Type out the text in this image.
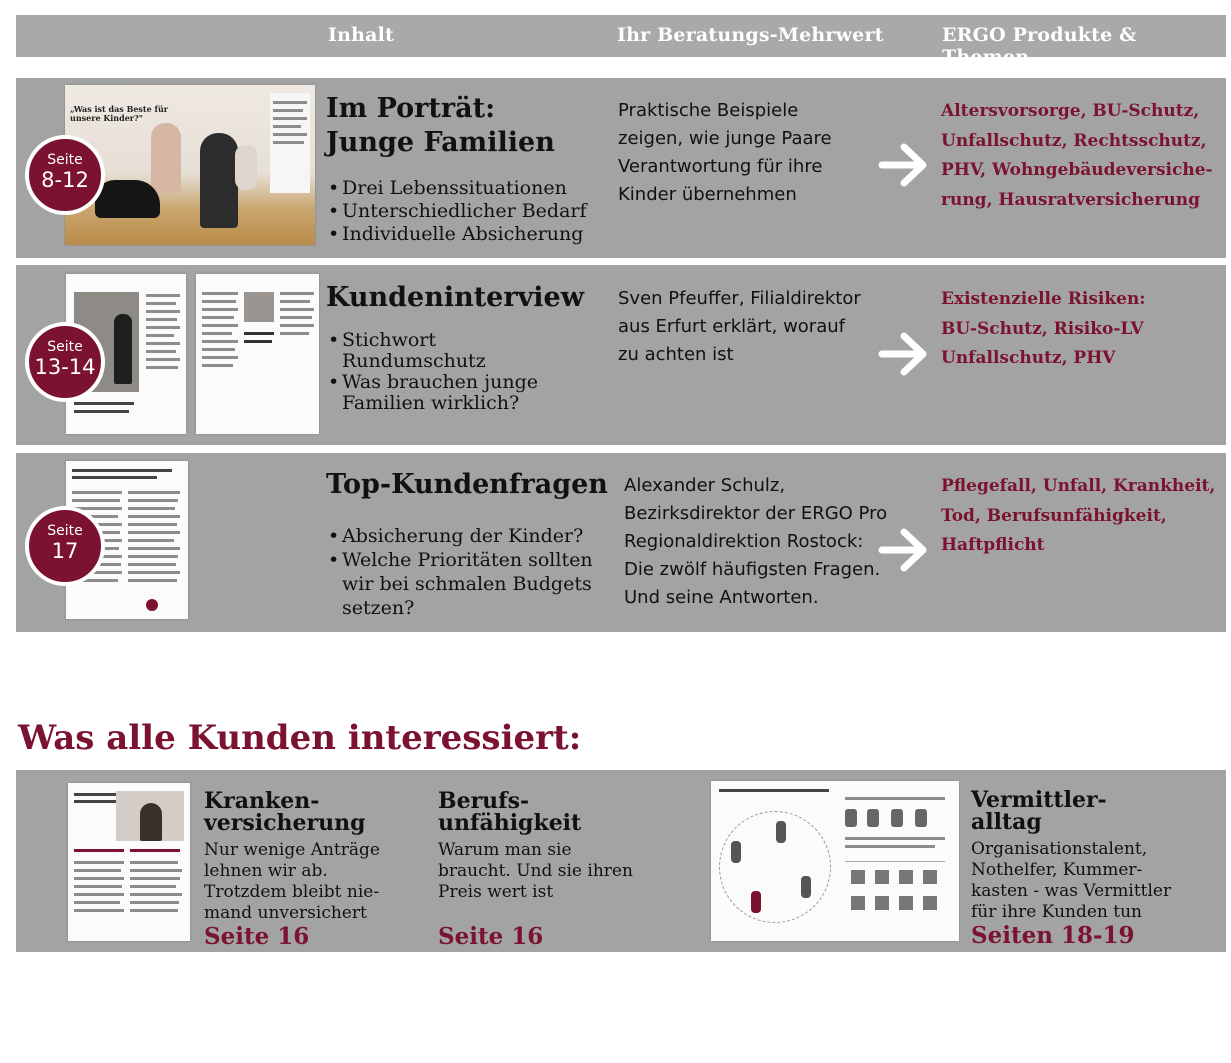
Inhalt	Ihr Beratungs-Mehrwert	ERGO Produkte & Themen
„Was ist das Beste für unsere Kinder?"
Seite
8-12
Im Porträt:
Junge Familien
• Drei Lebenssituationen
• Unterschiedlicher Bedarf
• Individuelle Absicherung
Praktische Beispiele
zeigen, wie junge Paare
Verantwortung für ihre
Kinder übernehmen
Altersvorsorge, BU-Schutz,
Unfallschutz, Rechtsschutz,
PHV, Wohngebäudeversiche-
rung, Hausratversicherung
Seite
13-14
Kundeninterview
• Stichwort Rundumschutz
• Was brauchen junge Familien wirklich?
Sven Pfeuffer, Filialdirektor
aus Erfurt erklärt, worauf
zu achten ist
Existenzielle Risiken:
BU-Schutz, Risiko-LV
Unfallschutz, PHV
Seite
17
Top-Kundenfragen
• Absicherung der Kinder?
• Welche Prioritäten sollten wir bei schmalen Budgets setzen?
Alexander Schulz,
Bezirksdirektor der ERGO Pro
Regionaldirektion Rostock:
Die zwölf häufigsten Fragen.
Und seine Antworten.
Pflegefall, Unfall, Krankheit,
Tod, Berufsunfähigkeit,
Haftpflicht
Was alle Kunden interessiert:
Kranken-
versicherung
Nur wenige Anträge
lehnen wir ab.
Trotzdem bleibt nie-
mand unversichert
Seite 16
Berufs-
unfähigkeit
Warum man sie
braucht. Und sie ihren
Preis wert ist
Seite 16
Vermittler-
alltag
Organisationstalent,
Nothelfer, Kummer-
kasten - was Vermittler
für ihre Kunden tun
Seiten 18-19
